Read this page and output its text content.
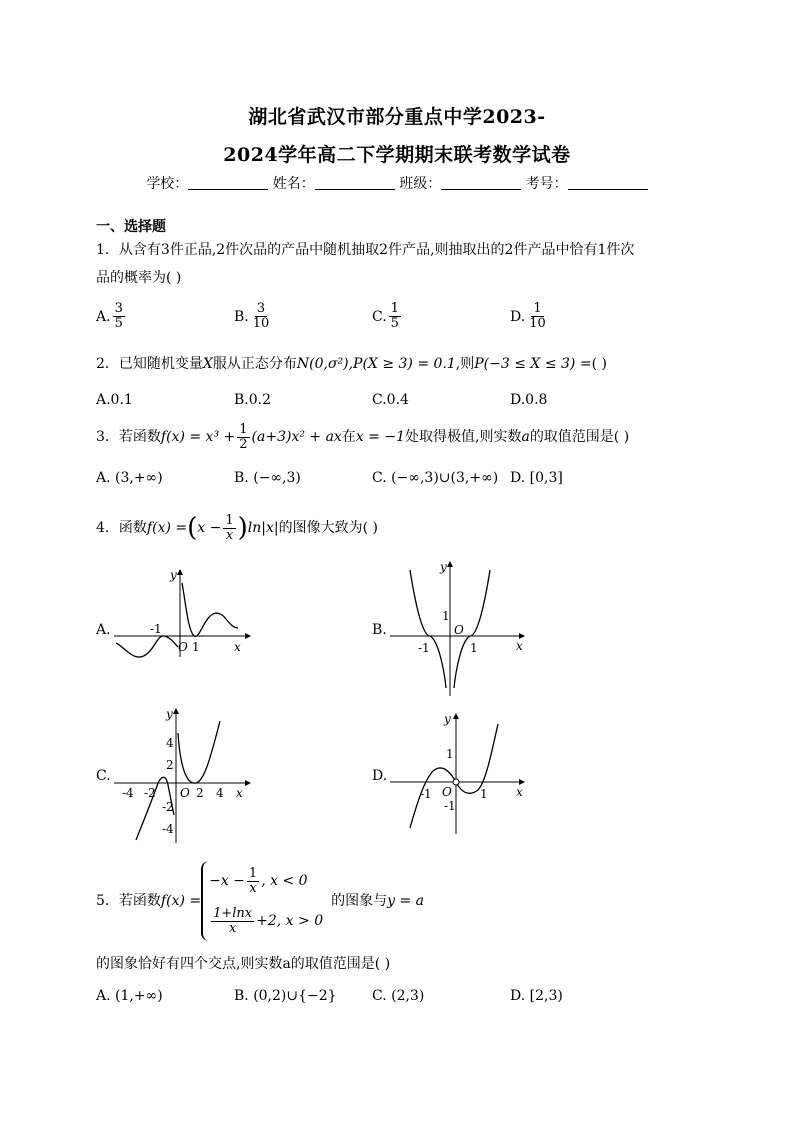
湖北省武汉市部分重点中学2023-
2024学年高二下学期期末联考数学试卷
学校：	姓名：	班级：	考号：
一、选择题
1．从含有3件正品,2件次品的产品中随机抽取2件产品,则抽取出的2件产品中恰有1件次
品的概率为( )
A. $\frac{3}{5}$	B. $\frac{3}{10}$	C. $\frac{1}{5}$	D. $\frac{1}{10}$
2．已知随机变量X服从正态分布N(0,σ²),P(X ≥ 3) = 0.1,则P(−3 ≤ X ≤ 3) =( )
A.0.1	B.0.2	C.0.4	D.0.8
3． 若函数 $f(x) = x^3 + \frac{1}{2} (a+3)x^2$ + ax 在 x = −1 处取得极值,则实数 a 的取值范围是( )
A. (3,+∞)	B. (−∞,3)	C. (−∞,3)∪(3,+∞) D. [0,3]
4． 函数 f(x) = ( $x - \frac{1}{x}$ ) ln|x| 的图像大致为( )
A.	B.
C.	D.
x
y
O
-1
1	x
y
O
1
-1	1
x
y
O
4
2
-2
-4
-4 -2	2 4	x
y
O
1
-1
-1	1
5． 若函数 f(x) =
$-x - \frac{1}{x}$ , x < 0
$\frac{1+\ln x}{x} +2$, x > 0
的图象与 y = a
的图象恰好有四个交点,则实数a的取值范围是( )
A. (1,+∞)	B. (0,2)∪{−2}	C. (2,3)	D. [2,3)
